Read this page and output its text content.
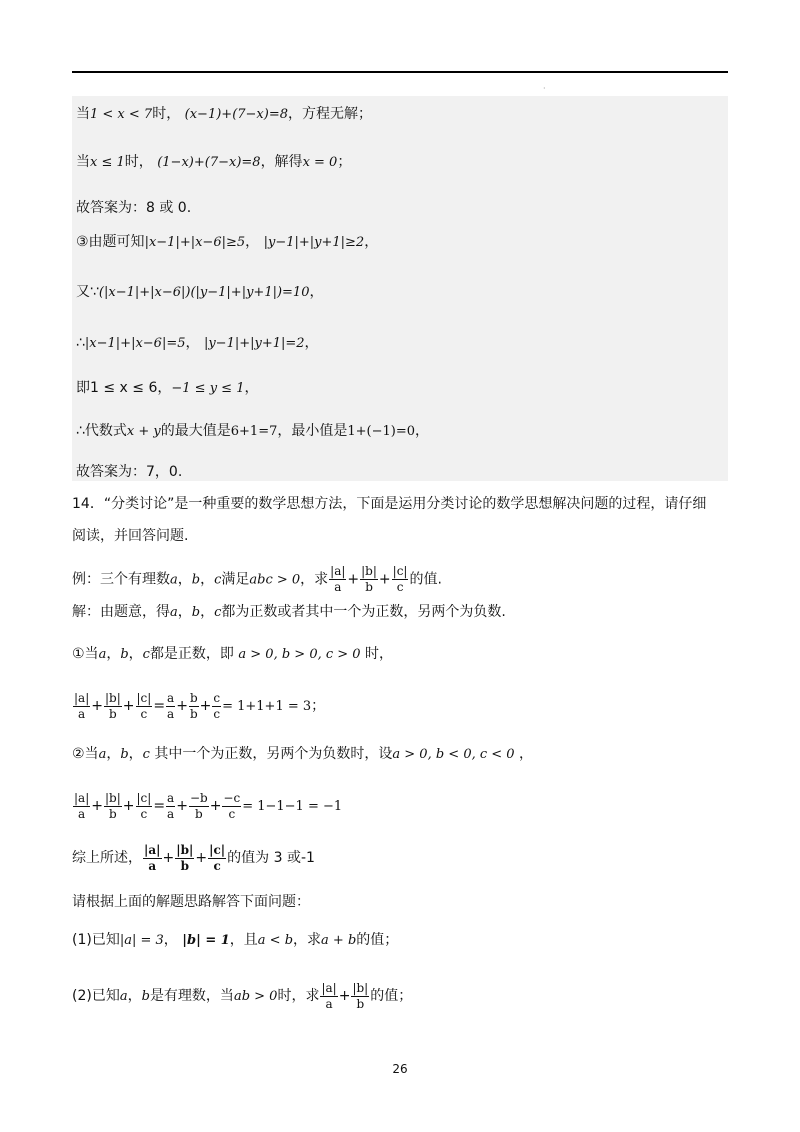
·
当1 < x < 7时， (x−1)+(7−x)=8，方程无解；
当x ≤ 1时， (1−x)+(7−x)=8，解得x = 0；
故答案为：8 或 0.
③由题可知|x−1|+|x−6|≥5， |y−1|+|y+1|≥2，
又∵(|x−1|+|x−6|)(|y−1|+|y+1|)=10，
∴|x−1|+|x−6|=5， |y−1|+|y+1|=2，
即1 ≤ x ≤ 6，−1 ≤ y ≤ 1，
∴代数式x + y的最大值是6+1=7，最小值是1+(−1)=0，
故答案为：7，0.
14．“分类讨论”是一种重要的数学思想方法，下面是运用分类讨论的数学思想解决问题的过程，请仔细
阅读，并回答问题.
例：三个有理数a，b，c满足abc > 0，求 $\frac{|a|}{a} + \frac{|b|}{b} + \frac{|c|}{c}$ 的值.
解：由题意，得a，b，c都为正数或者其中一个为正数，另两个为负数.
①当a，b，c都是正数，即 a > 0, b > 0, c > 0 时，
$\frac{|a|}{a} + \frac{|b|}{b} + \frac{|c|}{c} = \frac{a}{a} + \frac{b}{b} + \frac{c}{c} = 1+1+1 = 3$；
②当a，b，c 其中一个为正数，另两个为负数时，设a > 0, b < 0, c < 0 ，
$\frac{|a|}{a} + \frac{|b|}{b} + \frac{|c|}{c} = \frac{a}{a} + \frac{-b}{b} + \frac{-c}{c} = 1-1-1 = -1$
综上所述， $\frac{|a|}{a} + \frac{|b|}{b} + \frac{|c|}{c}$ 的值为 3 或-1
请根据上面的解题思路解答下面问题：
(1)已知|a| = 3， |b| = 1，且a < b，求a + b的值；
(2)已知a，b是有理数，当ab > 0时，求 $\frac{|a|}{a} + \frac{|b|}{b}$ 的值；
26
